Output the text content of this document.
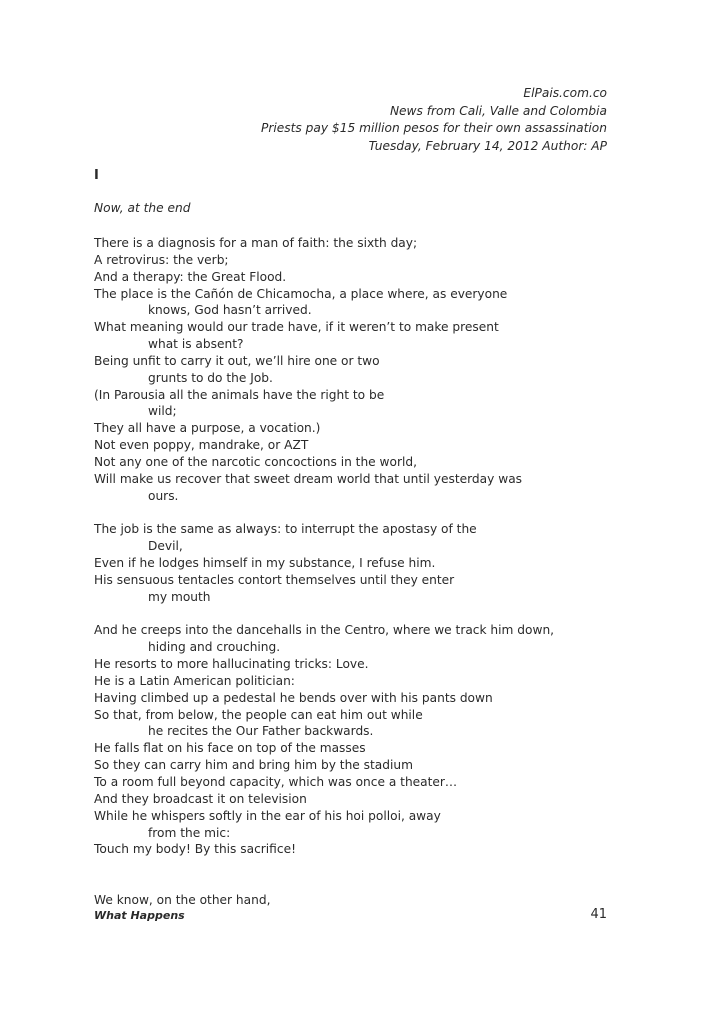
ElPais.com.co
News from Cali, Valle and Colombia
Priests pay $15 million pesos for their own assassination
Tuesday, February 14, 2012 Author: AP
I
Now, at the end
There is a diagnosis for a man of faith: the sixth day;
A retrovirus: the verb;
And a therapy: the Great Flood.
The place is the Cañón de Chicamocha, a place where, as everyone
knows, God hasn’t arrived.
What meaning would our trade have, if it weren’t to make present
what is absent?
Being unfit to carry it out, we’ll hire one or two
grunts to do the Job.
(In Parousia all the animals have the right to be
wild;
They all have a purpose, a vocation.)
Not even poppy, mandrake, or AZT
Not any one of the narcotic concoctions in the world,
Will make us recover that sweet dream world that until yesterday was
ours.
The job is the same as always: to interrupt the apostasy of the
Devil,
Even if he lodges himself in my substance, I refuse him.
His sensuous tentacles contort themselves until they enter
my mouth
And he creeps into the dancehalls in the Centro, where we track him down,
hiding and crouching.
He resorts to more hallucinating tricks: Love.
He is a Latin American politician:
Having climbed up a pedestal he bends over with his pants down
So that, from below, the people can eat him out while
he recites the Our Father backwards.
He falls flat on his face on top of the masses
So they can carry him and bring him by the stadium
To a room full beyond capacity, which was once a theater…
And they broadcast it on television
While he whispers softly in the ear of his hoi polloi, away
from the mic:
Touch my body! By this sacrifice!
We know, on the other hand,
What Happens	41
